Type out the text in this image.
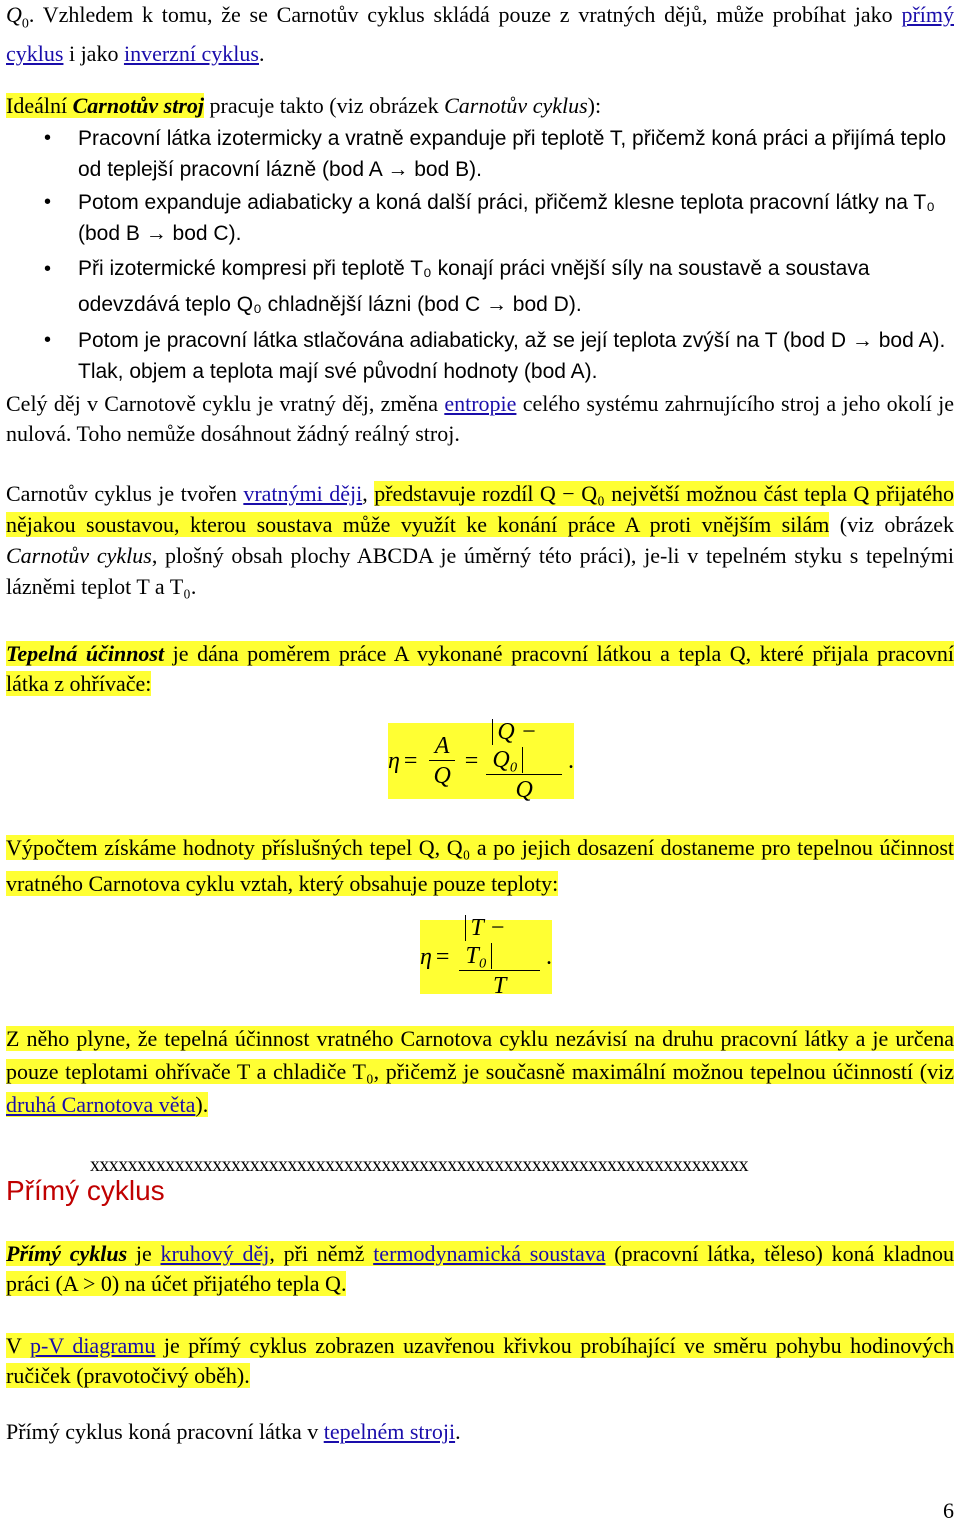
$Q_0$. Vzhledem k tomu, že se Carnotův cyklus skládá pouze z vratných dějů, může probíhat jako přímý cyklus i jako inverzní cyklus.

Ideální Carnotův stroj pracuje takto (viz obrázek Carnotův cyklus):

• Pracovní látka izotermicky a vratně expanduje při teplotě T, přičemž koná práci a přijímá teplo od teplejší pracovní lázně (bod A → bod B).
• Potom expanduje adiabaticky a koná další práci, přičemž klesne teplota pracovní látky na T₀ (bod B → bod C).
• Při izotermické kompresi při teplotě T₀ konají práci vnější síly na soustavě a soustava odevzdává teplo Q₀ chladnější lázni (bod C → bod D).
• Potom je pracovní látka stlačována adiabaticky, až se její teplota zvýší na T (bod D → bod A). Tlak, objem a teplota mají své původní hodnoty (bod A).

Celý děj v Carnotově cyklu je vratný děj, změna entropie celého systému zahrnujícího stroj a jeho okolí je nulová. Toho nemůže dosáhnout žádný reálný stroj.

Carnotův cyklus je tvořen vratnými ději, představuje rozdíl Q − Q₀ největší možnou část tepla Q přijatého nějakou soustavou, kterou soustava může využít ke konání práce A proti vnějším silám (viz obrázek Carnotův cyklus, plošný obsah plochy ABCDA je úměrný této práci), je-li v tepelném styku s tepelnými lázněmi teplot T a T₀.

Tepelná účinnost je dána poměrem práce A vykonané pracovní látkou a tepla Q, které přijala pracovní látka z ohřívače:

$\eta = \frac{A}{Q} = \frac{\text{Q − Q₀}}{Q}$ .

Výpočtem získáme hodnoty příslušných tepel Q, Q₀ a po jejich dosazení dostaneme pro tepelnou účinnost vratného Carnotova cyklu vztah, který obsahuje pouze teploty:

$\eta = \frac{\text{T − T₀}}{T}$ .

Z něho plyne, že tepelná účinnost vratného Carnotova cyklu nezávisí na druhu pracovní látky a je určena pouze teplotami ohřívače T a chladiče T₀, přičemž je současně maximální možnou tepelnou účinností (viz druhá Carnotova věta).

xxxxxxxxxxxxxxxxxxxxxxxxxxxxxxxxxxxxxxxxxxxxxxxxxxxxxxxxxxxxxxxxxxxxxx
Přímý cyklus

Přímý cyklus je kruhový děj, při němž termodynamická soustava (pracovní látka, těleso) koná kladnou práci (A > 0) na účet přijatého tepla Q.

V p-V diagramu je přímý cyklus zobrazen uzavřenou křivkou probíhající ve směru pohybu hodinových ručiček (pravotočivý oběh).

Přímý cyklus koná pracovní látka v tepelném stroji.

6
